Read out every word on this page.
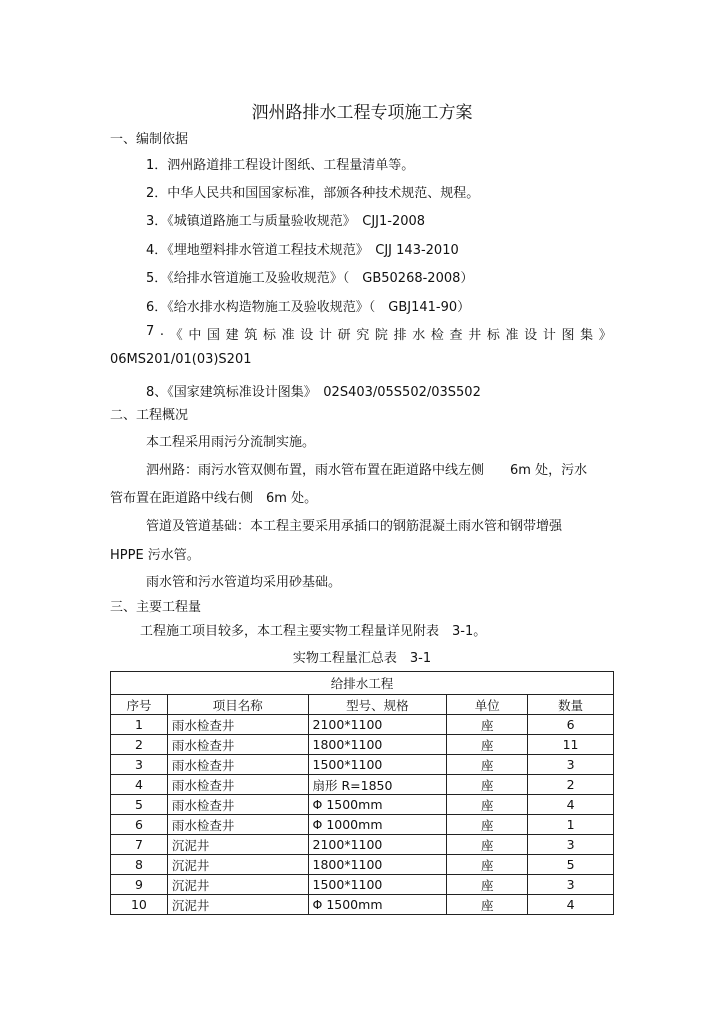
泗州路排水工程专项施工方案
一、编制依据
1．泗州路道排工程设计图纸、工程量清单等。
2．中华人民共和国国家标准，部颁各种技术规范、规程。
3．《城镇道路施工与质量验收规范》　CJJ1-2008
4．《埋地塑料排水管道工程技术规范》　CJJ 143-2010
5．《给排水管道施工及验收规范》（　GB50268-2008）
6．《给水排水构造物施工及验收规范》（　GBJ141-90）
7 . 《 中 国 建 筑 标 准 设 计 研 究 院 排 水 检 查 井 标 准 设 计 图 集 》
06MS201/01(03)S201
8、《国家建筑标准设计图集》　02S403/05S502/03S502
二、工程概况
本工程采用雨污分流制实施。
泗州路：雨污水管双侧布置，雨水管布置在距道路中线左侧　　6m 处，污水
管布置在距道路中线右侧　6m 处。
管道及管道基础：本工程主要采用承插口的钢筋混凝土雨水管和钢带增强
HPPE 污水管。
雨水管和污水管道均采用砂基础。
三、主要工程量
工程施工项目较多，本工程主要实物工程量详见附表　3-1。
实物工程量汇总表　3-1
给排水工程				
序号	项目名称	型号、规格	单位	数量
1	雨水检查井	2100*1100	座	6
2	雨水检查井	1800*1100	座	11
3	雨水检查井	1500*1100	座	3
4	雨水检查井	扇形 R=1850	座	2
5	雨水检查井	Φ 1500mm	座	4
6	雨水检查井	Φ 1000mm	座	1
7	沉泥井	2100*1100	座	3
8	沉泥井	1800*1100	座	5
9	沉泥井	1500*1100	座	3
10	沉泥井	Φ 1500mm	座	4
